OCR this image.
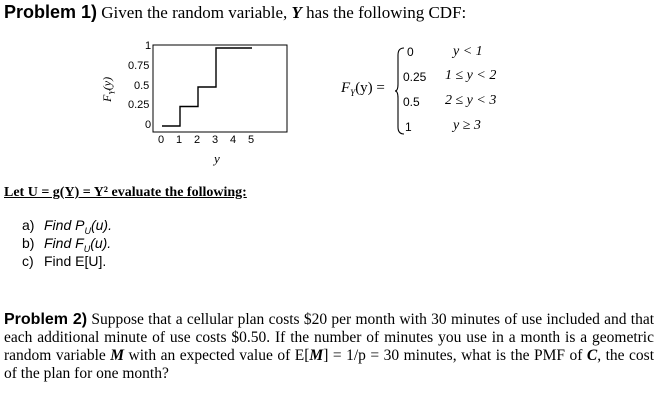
Problem 1) Given the random variable, Y has the following CDF:
1
0.75
0.5
0.25
0
0 1 2 3 4 5
$F_Y(y)$
y
$F_Y(y)$ =
0
0.25
0.5
1
y < 1
1 ≤ y < 2
2 ≤ y < 3
y ≥ 3
Let U = g(Y) = Y² evaluate the following:
a) Find $P_U(u)$.
b) Find $F_U(u)$.
c) Find E[U].
Problem 2) Suppose that a cellular plan costs $20 per month with 30 minutes of use included and that each additional minute of use costs $0.50. If the number of minutes you use in a month is a geometric random variable M with an expected value of E[M] = 1/p = 30 minutes, what is the PMF of C, the cost of the plan for one month?
